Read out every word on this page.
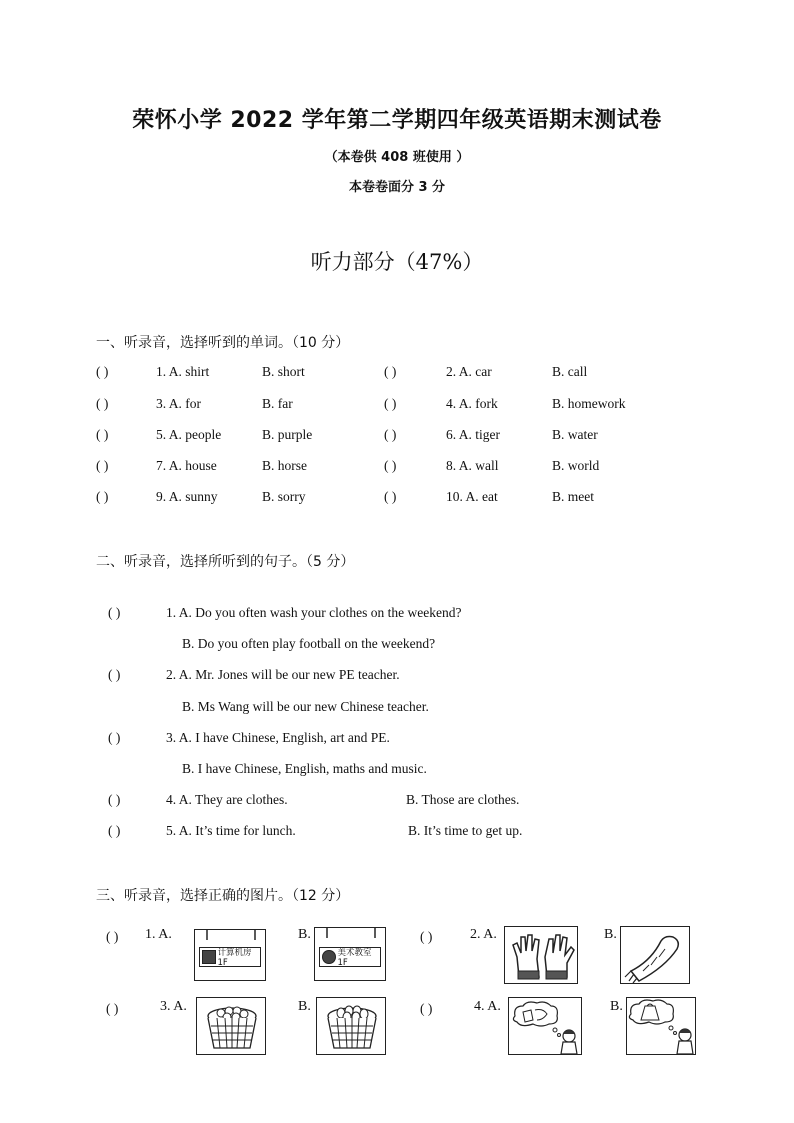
荣怀小学 2022 学年第二学期四年级英语期末测试卷
（本卷供 408 班使用 ）
本卷卷面分 3 分
听力部分（47%）
一、听录音，选择听到的单词。（10 分）
( )	1. A. shirt	B. short	( )	2. A. car	B. call
( )	3. A. for	B. far	( )	4. A. fork	B. homework
( )	5. A. people	B. purple	( )	6. A. tiger	B. water
( )	7. A. house	B. horse	( )	8. A. wall	B. world
( )	9. A. sunny	B. sorry	( )	10. A. eat	B. meet
二、听录音，选择所听到的句子。（5 分）
( )	1. A. Do you often wash your clothes on the weekend?
B. Do you often play football on the weekend?
( )	2. A. Mr. Jones will be our new PE teacher.
B. Ms Wang will be our new Chinese teacher.
( )	3. A. I have Chinese, English, art and PE.
B. I have Chinese, English, maths and music.
( )	4. A. They are clothes.	B. Those are clothes.
( )	5. A. It’s time for lunch.	B. It’s time to get up.
三、听录音，选择正确的图片。（12 分）
( ) 1. A.
计算机房1F
B.
美术教室1F
( )	2. A.	B.
( )	3. A.	B.	( )	4. A.	B.
